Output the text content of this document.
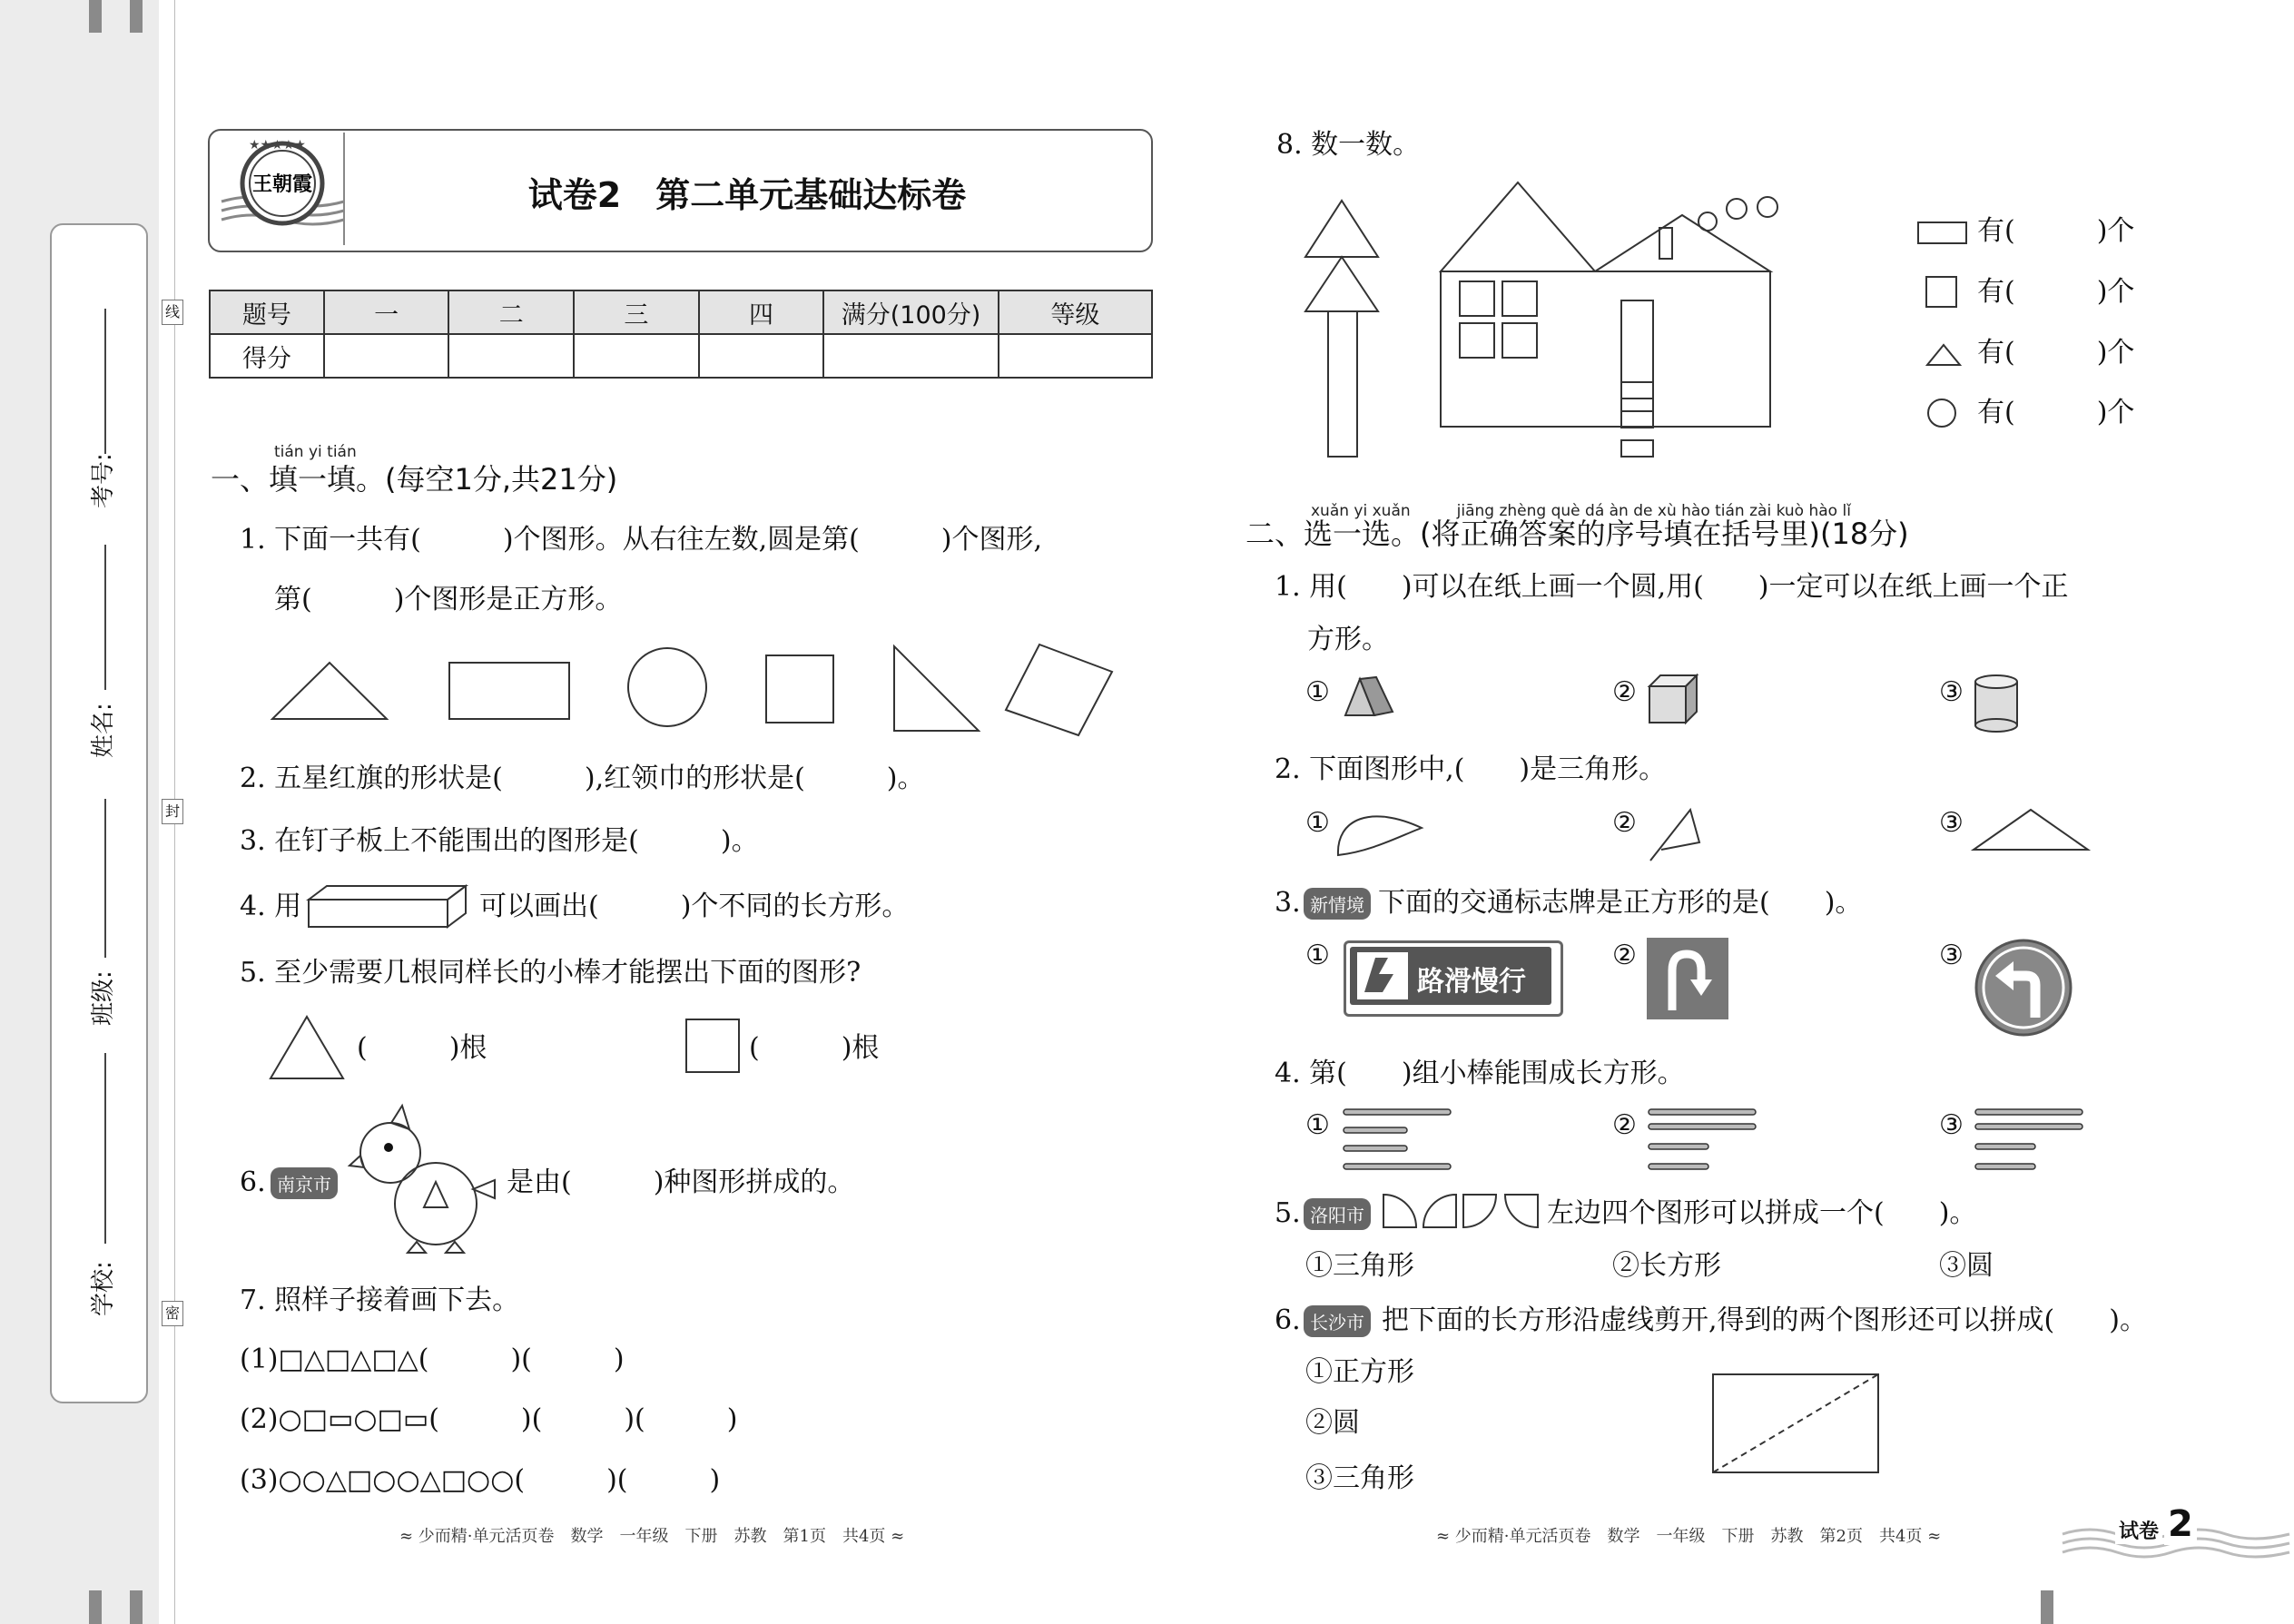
考号:
姓名:
班级:
学校:
线
封
密
★★★★★
王朝霞	试卷2　第二单元基础达标卷
题号	一	二	三	四	满分(100分)	等级
得分						
tián yi tián
一、填一填。(每空1分,共21分)
1. 下面一共有(　　　)个图形。从右往左数,圆是第(　　　)个图形,
第(　　　)个图形是正方形。
2. 五星红旗的形状是(　　　),红领巾的形状是(　　　)。
3. 在钉子板上不能围出的图形是(　　　)。
4. 用	可以画出(　　　)个不同的长方形。
5. 至少需要几根同样长的小棒才能摆出下面的图形?
(　　　)根	(　　　)根
6. 南京市	是由(　　　)种图形拼成的。
7. 照样子接着画下去。
(1)□△□△□△(　　　)(　　　)
(2)○□▭○□▭(　　　)(　　　)(　　　)
(3)○○△□○○△□○○(　　　)(　　　)
≈ 少而精·单元活页卷　数学　一年级　下册　苏教　第1页　共4页 ≈
8. 数一数。
有(　　　)个
有(　　　)个
有(　　　)个
有(　　　)个
xuǎn yi xuǎn　　　jiāng zhèng què dá àn de xù hào tián zài kuò hào lǐ
二、选一选。(将正确答案的序号填在括号里)(18分)
1. 用(　　)可以在纸上画一个圆,用(　　)一定可以在纸上画一个正
方形。
①	②	③
2. 下面图形中,(　　)是三角形。
①	②	③
3. 新情境 下面的交通标志牌是正方形的是(　　)。
①
路滑慢行
②	③
4. 第(　　)组小棒能围成长方形。
①	②	③
5. 洛阳市	左边四个图形可以拼成一个(　　)。
①三角形	②长方形	③圆
6. 长沙市 把下面的长方形沿虚线剪开,得到的两个图形还可以拼成(　　)。
①正方形
②圆
③三角形
≈ 少而精·单元活页卷　数学　一年级　下册　苏教　第2页　共4页 ≈	试卷 2
